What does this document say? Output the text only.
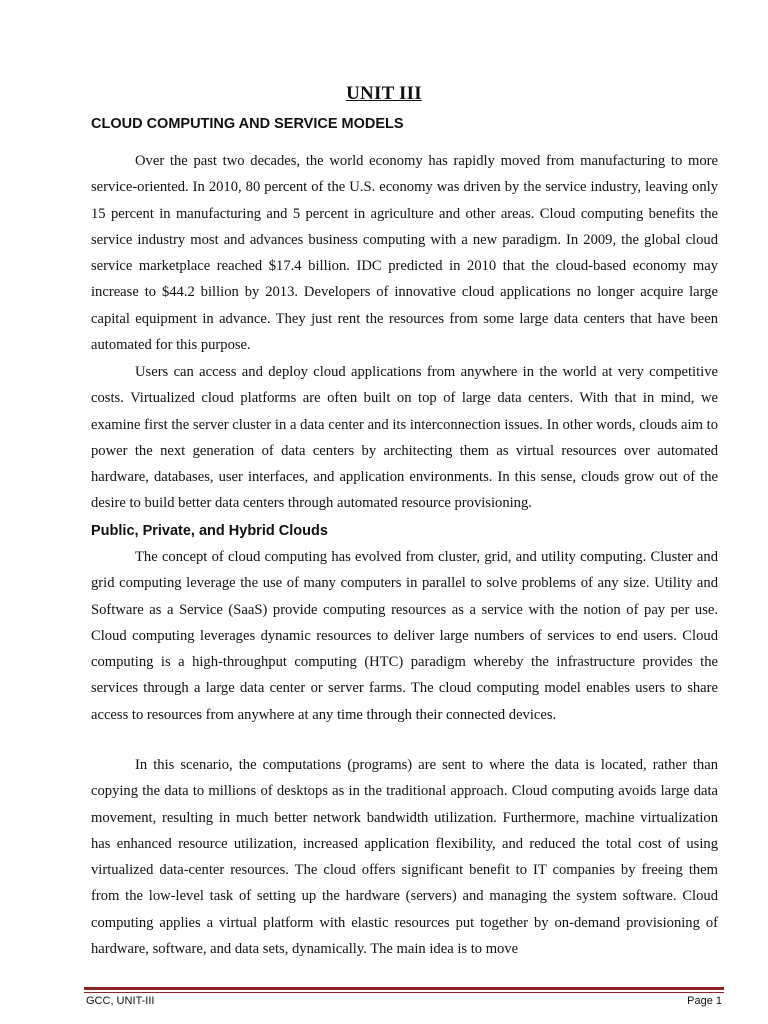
UNIT III
CLOUD COMPUTING AND SERVICE MODELS

Over the past two decades, the world economy has rapidly moved from manufacturing to more service-oriented. In 2010, 80 percent of the U.S. economy was driven by the service industry, leaving only 15 percent in manufacturing and 5 percent in agriculture and other areas. Cloud computing benefits the service industry most and advances business computing with a new paradigm. In 2009, the global cloud service marketplace reached $17.4 billion. IDC predicted in 2010 that the cloud-based economy may increase to $44.2 billion by 2013. Developers of innovative cloud applications no longer acquire large capital equipment in advance. They just rent the resources from some large data centers that have been automated for this purpose.

Users can access and deploy cloud applications from anywhere in the world at very competitive costs. Virtualized cloud platforms are often built on top of large data centers. With that in mind, we examine first the server cluster in a data center and its interconnection issues. In other words, clouds aim to power the next generation of data centers by architecting them as virtual resources over automated hardware, databases, user interfaces, and application environments. In this sense, clouds grow out of the desire to build better data centers through automated resource provisioning.

Public, Private, and Hybrid Clouds

The concept of cloud computing has evolved from cluster, grid, and utility computing. Cluster and grid computing leverage the use of many computers in parallel to solve problems of any size. Utility and Software as a Service (SaaS) provide computing resources as a service with the notion of pay per use. Cloud computing leverages dynamic resources to deliver large numbers of services to end users. Cloud computing is a high-throughput computing (HTC) paradigm whereby the infrastructure provides the services through a large data center or server farms. The cloud computing model enables users to share access to resources from anywhere at any time through their connected devices.

In this scenario, the computations (programs) are sent to where the data is located, rather than copying the data to millions of desktops as in the traditional approach. Cloud computing avoids large data movement, resulting in much better network bandwidth utilization. Furthermore, machine virtualization has enhanced resource utilization, increased application flexibility, and reduced the total cost of using virtualized data-center resources. The cloud offers significant benefit to IT companies by freeing them from the low-level task of setting up the hardware (servers) and managing the system software. Cloud computing applies a virtual platform with elastic resources put together by on-demand provisioning of hardware, software, and data sets, dynamically. The main idea is to move

GCC, UNIT-III	Page 1
